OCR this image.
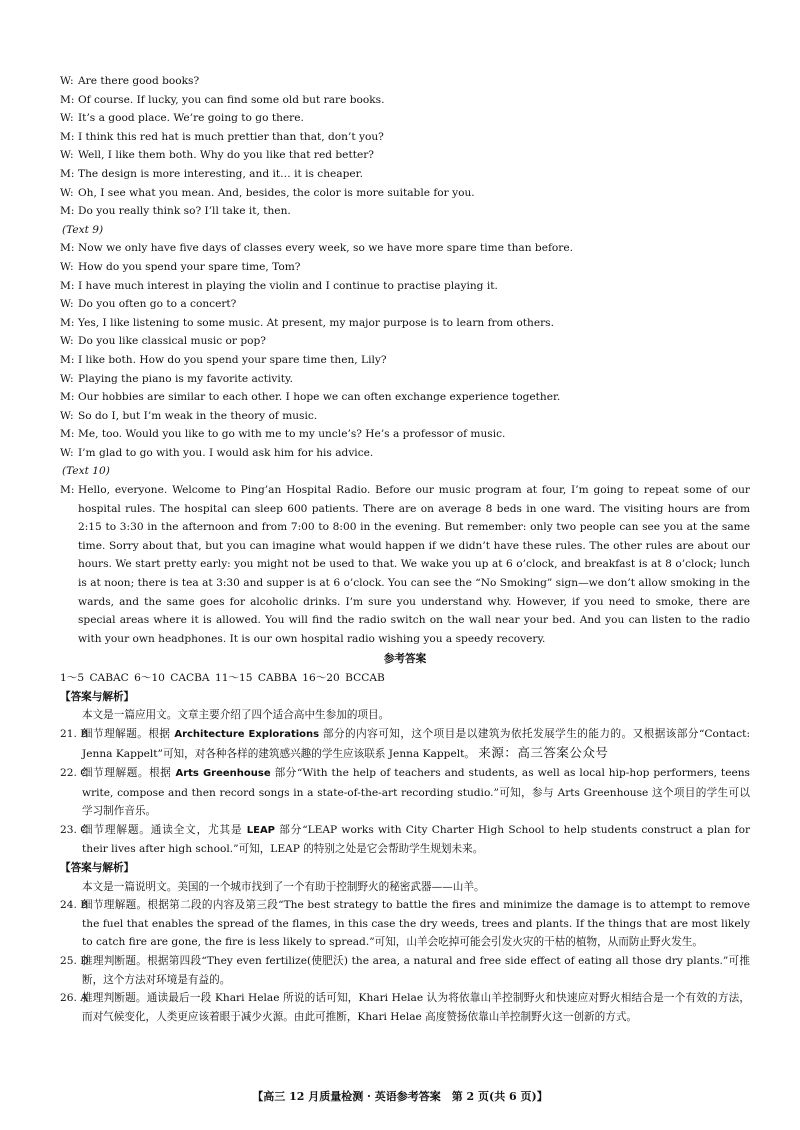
W: Are there good books?
M: Of course. If lucky, you can find some old but rare books.
W: It’s a good place. We’re going to go there.
M: I think this red hat is much prettier than that, don’t you?
W: Well, I like them both. Why do you like that red better?
M: The design is more interesting, and it… it is cheaper.
W: Oh, I see what you mean. And, besides, the color is more suitable for you.
M: Do you really think so? I’ll take it, then.
(Text 9)
M: Now we only have five days of classes every week, so we have more spare time than before.
W: How do you spend your spare time, Tom?
M: I have much interest in playing the violin and I continue to practise playing it.
W: Do you often go to a concert?
M: Yes, I like listening to some music. At present, my major purpose is to learn from others.
W: Do you like classical music or pop?
M: I like both. How do you spend your spare time then, Lily?
W: Playing the piano is my favorite activity.
M: Our hobbies are similar to each other. I hope we can often exchange experience together.
W: So do I, but I’m weak in the theory of music.
M: Me, too. Would you like to go with me to my uncle’s? He’s a professor of music.
W: I’m glad to go with you. I would ask him for his advice.
(Text 10)
M: Hello, everyone. Welcome to Ping’an Hospital Radio. Before our music program at four, I’m going to repeat some of our hospital rules. The hospital can sleep 600 patients. There are on average 8 beds in one ward. The visiting hours are from 2:15 to 3:30 in the afternoon and from 7:00 to 8:00 in the evening. But remember: only two people can see you at the same time. Sorry about that, but you can imagine what would happen if we didn’t have these rules. The other rules are about our hours. We start pretty early: you might not be used to that. We wake you up at 6 o’clock, and breakfast is at 8 o’clock; lunch is at noon; there is tea at 3:30 and supper is at 6 o’clock. You can see the “No Smoking” sign—we don’t allow smoking in the wards, and the same goes for alcoholic drinks. I’m sure you understand why. However, if you need to smoke, there are special areas where it is allowed. You will find the radio switch on the wall near your bed. And you can listen to the radio with your own headphones. It is our own hospital radio wishing you a speedy recovery.
参考答案
1～5 CABAC 6～10 CACBA 11～15 CABBA 16～20 BCCAB
【答案与解析】
本文是一篇应用文。文章主要介绍了四个适合高中生参加的项目。
21. B
细节理解题。根据 Architecture Explorations 部分的内容可知，这个项目是以建筑为依托发展学生的能力的。又根据该部分“Contact: Jenna Kappelt”可知，对各种各样的建筑感兴趣的学生应该联系 Jenna Kappelt。 来源：高三答案公众号
22. C
细节理解题。根据 Arts Greenhouse 部分“With the help of teachers and students, as well as local hip-hop performers, teens write, compose and then record songs in a state-of-the-art recording studio.”可知，参与 Arts Greenhouse 这个项目的学生可以学习制作音乐。
23. C
细节理解题。通读全文，尤其是 LEAP 部分“LEAP works with City Charter High School to help students construct a plan for their lives after high school.”可知，LEAP 的特别之处是它会帮助学生规划未来。
【答案与解析】
本文是一篇说明文。美国的一个城市找到了一个有助于控制野火的秘密武器——山羊。
24. B
细节理解题。根据第二段的内容及第三段“The best strategy to battle the fires and minimize the damage is to attempt to remove the fuel that enables the spread of the flames, in this case the dry weeds, trees and plants. If the things that are most likely to catch fire are gone, the fire is less likely to spread.”可知，山羊会吃掉可能会引发火灾的干枯的植物，从而防止野火发生。
25. D
推理判断题。根据第四段“They even fertilize(使肥沃) the area, a natural and free side effect of eating all those dry plants.”可推断，这个方法对环境是有益的。
26. A
推理判断题。通读最后一段 Khari Helae 所说的话可知，Khari Helae 认为将依靠山羊控制野火和快速应对野火相结合是一个有效的方法，而对气候变化，人类更应该着眼于减少火源。由此可推断，Khari Helae 高度赞扬依靠山羊控制野火这一创新的方式。
【高三 12 月质量检测 · 英语参考答案　第 2 页(共 6 页)】
